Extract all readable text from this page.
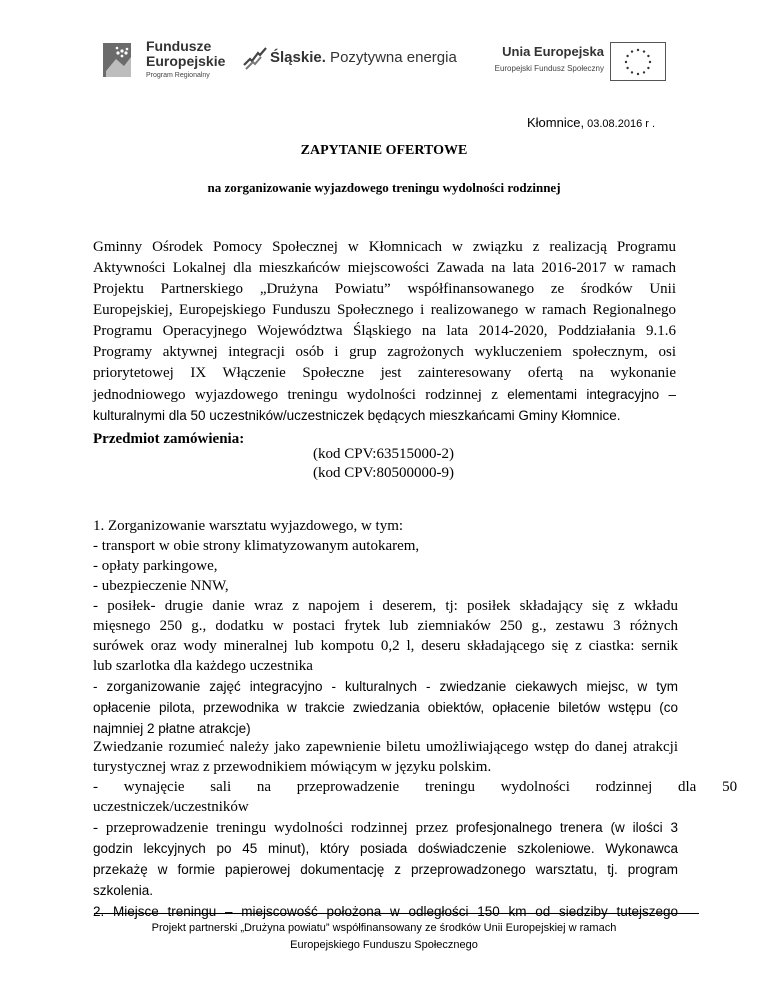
Fundusze
Europejskie
Program Regionalny
Śląskie. Pozytywna energia	Unia Europejska
Europejski Fundusz Społeczny
Kłomnice, 03.08.2016 r .
ZAPYTANIE OFERTOWE
na zorganizowanie wyjazdowego treningu wydolności rodzinnej
Gminny Ośrodek Pomocy Społecznej w Kłomnicach w związku z realizacją Programu
Aktywności Lokalnej dla mieszkańców miejscowości Zawada na lata 2016-2017 w ramach
Projektu Partnerskiego „Drużyna Powiatu” współfinansowanego ze środków Unii
Europejskiej, Europejskiego Funduszu Społecznego i realizowanego w ramach Regionalnego
Programu Operacyjnego Województwa Śląskiego na lata 2014-2020, Poddziałania 9.1.6
Programy aktywnej integracji osób i grup zagrożonych wykluczeniem społecznym, osi
priorytetowej IX Włączenie Społeczne jest zainteresowany ofertą na wykonanie
jednodniowego wyjazdowego treningu wydolności rodzinnej z elementami integracyjno –
kulturalnymi dla 50 uczestników/uczestniczek będących mieszkańcami Gminy Kłomnice.
Przedmiot zamówienia:
(kod CPV:63515000-2)
(kod CPV:80500000-9)
1. Zorganizowanie warsztatu wyjazdowego, w tym:
- transport w obie strony klimatyzowanym autokarem,
- opłaty parkingowe,
- ubezpieczenie NNW,
- posiłek- drugie danie wraz z napojem i deserem, tj: posiłek składający się z wkładu
mięsnego 250 g., dodatku w postaci frytek lub ziemniaków 250 g., zestawu 3 różnych
surówek oraz wody mineralnej lub kompotu 0,2 l, deseru składającego się z ciastka: sernik
lub szarlotka dla każdego uczestnika
- zorganizowanie zajęć integracyjno - kulturalnych - zwiedzanie ciekawych miejsc, w tym
opłacenie pilota, przewodnika w trakcie zwiedzania obiektów, opłacenie biletów wstępu (co
najmniej 2 płatne atrakcje)
Zwiedzanie rozumieć należy jako zapewnienie biletu umożliwiającego wstęp do danej atrakcji
turystycznej wraz z przewodnikiem mówiącym w języku polskim.
- wynajęcie sali na przeprowadzenie treningu wydolności rodzinnej dla 50
uczestniczek/uczestników
- przeprowadzenie treningu wydolności rodzinnej przez profesjonalnego trenera (w ilości 3
godzin lekcyjnych po 45 minut), który posiada doświadczenie szkoleniowe. Wykonawca
przekażę w formie papierowej dokumentację z przeprowadzonego warsztatu, tj. program
szkolenia.
2. Miejsce treningu – miejscowość położona w odległości 150 km od siedziby tutejszego
Projekt partnerski „Drużyna powiatu” współfinansowany ze środków Unii Europejskiej w ramach
Europejskiego Funduszu Społecznego
